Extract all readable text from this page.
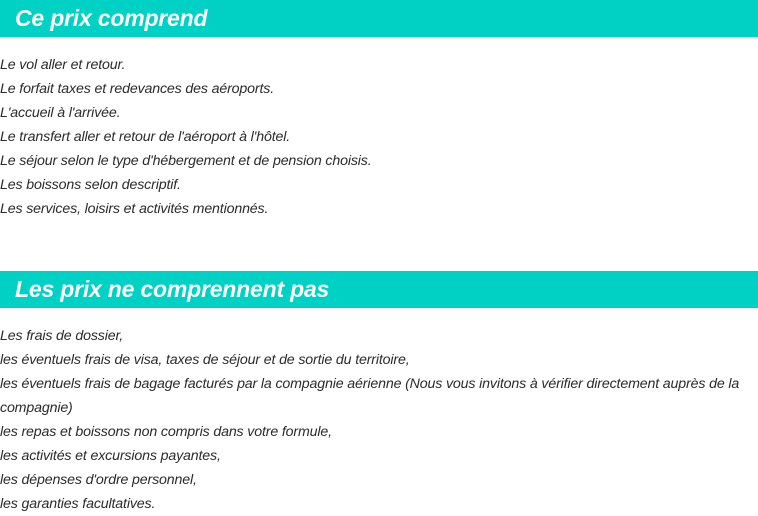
Ce prix comprend
Le vol aller et retour.
Le forfait taxes et redevances des aéroports.
L'accueil à l'arrivée.
Le transfert aller et retour de l'aéroport à l'hôtel.
Le séjour selon le type d'hébergement et de pension choisis.
Les boissons selon descriptif.
Les services, loisirs et activités mentionnés.
Les prix ne comprennent pas
Les frais de dossier,
les éventuels frais de visa, taxes de séjour et de sortie du territoire,
les éventuels frais de bagage facturés par la compagnie aérienne (Nous vous invitons à vérifier directement auprès de la compagnie)
les repas et boissons non compris dans votre formule,
les activités et excursions payantes,
les dépenses d'ordre personnel,
les garanties facultatives.
